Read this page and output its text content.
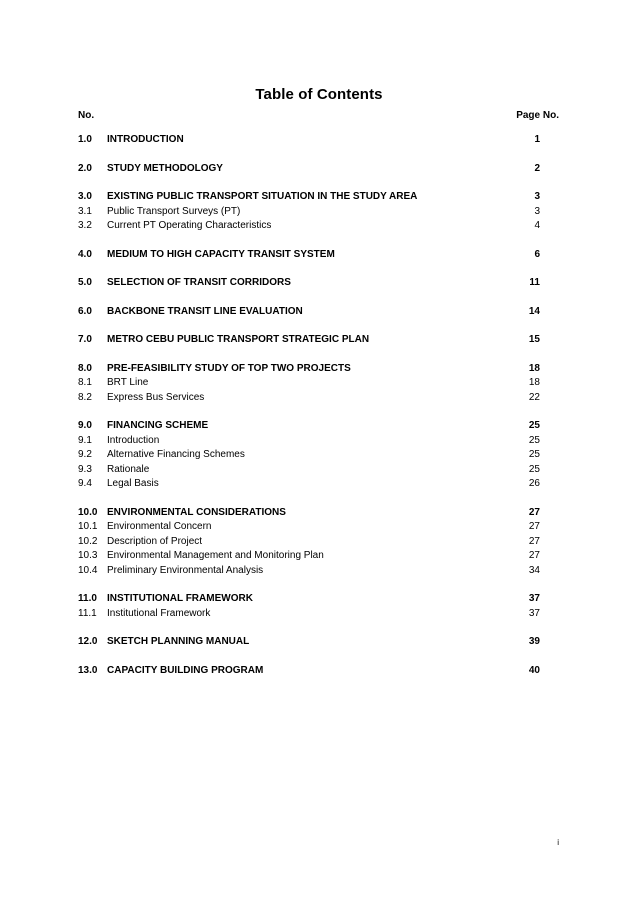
Table of Contents
No.	Page No.
1.0 INTRODUCTION	1
2.0 STUDY METHODOLOGY	2
3.0 EXISTING PUBLIC TRANSPORT SITUATION IN THE STUDY AREA	3
3.1 Public Transport Surveys (PT)	3
3.2 Current PT Operating Characteristics	4
4.0 MEDIUM TO HIGH CAPACITY TRANSIT SYSTEM	6
5.0 SELECTION OF TRANSIT CORRIDORS	11
6.0 BACKBONE TRANSIT LINE EVALUATION	14
7.0 METRO CEBU PUBLIC TRANSPORT STRATEGIC PLAN	15
8.0 PRE-FEASIBILITY STUDY OF TOP TWO PROJECTS	18
8.1 BRT Line	18
8.2 Express Bus Services	22
9.0 FINANCING SCHEME	25
9.1 Introduction	25
9.2 Alternative Financing Schemes	25
9.3 Rationale	25
9.4 Legal Basis	26
10.0 ENVIRONMENTAL CONSIDERATIONS	27
10.1 Environmental Concern	27
10.2 Description of Project	27
10.3 Environmental Management and Monitoring Plan	27
10.4 Preliminary Environmental Analysis	34
11.0 INSTITUTIONAL FRAMEWORK	37
11.1 Institutional Framework	37
12.0 SKETCH PLANNING MANUAL	39
13.0 CAPACITY BUILDING PROGRAM	40
i
